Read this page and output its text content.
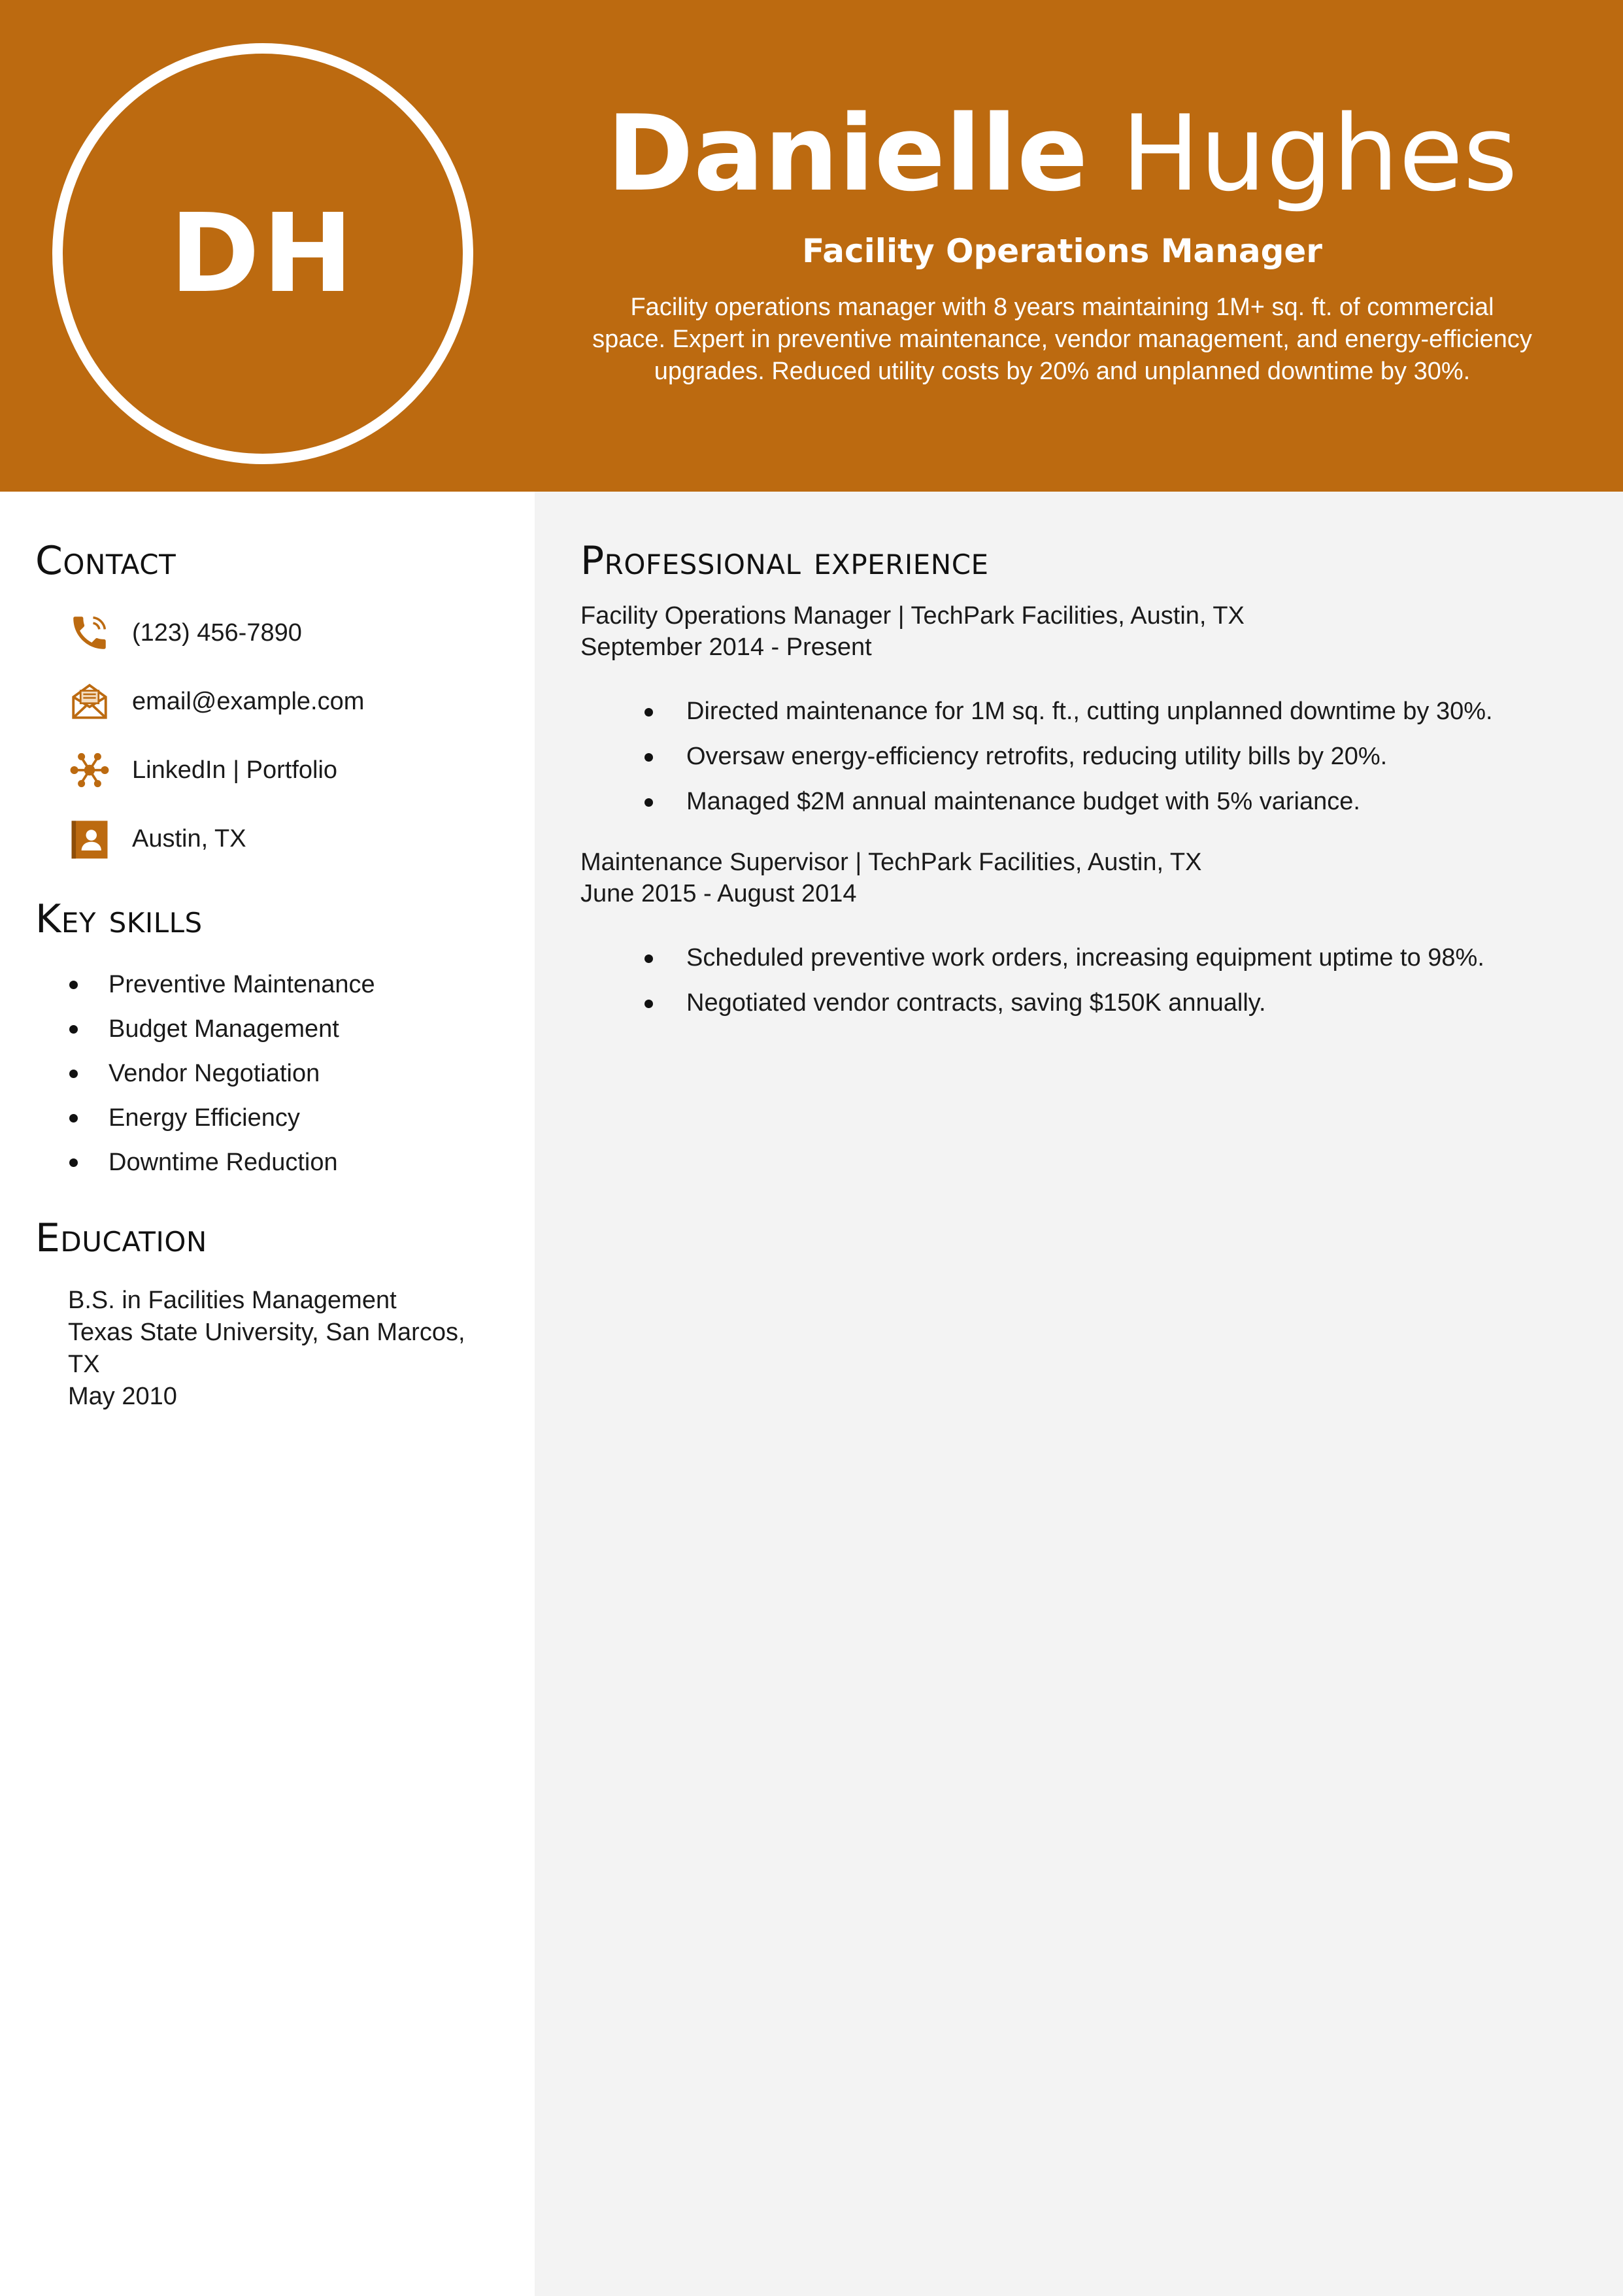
DH
Danielle Hughes
Facility Operations Manager
Facility operations manager with 8 years maintaining 1M+ sq. ft. of commercial space. Expert in preventive maintenance, vendor management, and energy-efficiency upgrades. Reduced utility costs by 20% and unplanned downtime by 30%.
Contact
(123) 456-7890
email@example.com
LinkedIn | Portfolio
Austin, TX
Key skills
Preventive Maintenance
Budget Management
Vendor Negotiation
Energy Efficiency
Downtime Reduction
Education
B.S. in Facilities Management
Texas State University, San Marcos, TX
May 2010
Professional experience
Facility Operations Manager | TechPark Facilities, Austin, TX
September 2014 - Present
Directed maintenance for 1M sq. ft., cutting unplanned downtime by 30%.
Oversaw energy-efficiency retrofits, reducing utility bills by 20%.
Managed $2M annual maintenance budget with 5% variance.
Maintenance Supervisor | TechPark Facilities, Austin, TX
June 2015 - August 2014
Scheduled preventive work orders, increasing equipment uptime to 98%.
Negotiated vendor contracts, saving $150K annually.
